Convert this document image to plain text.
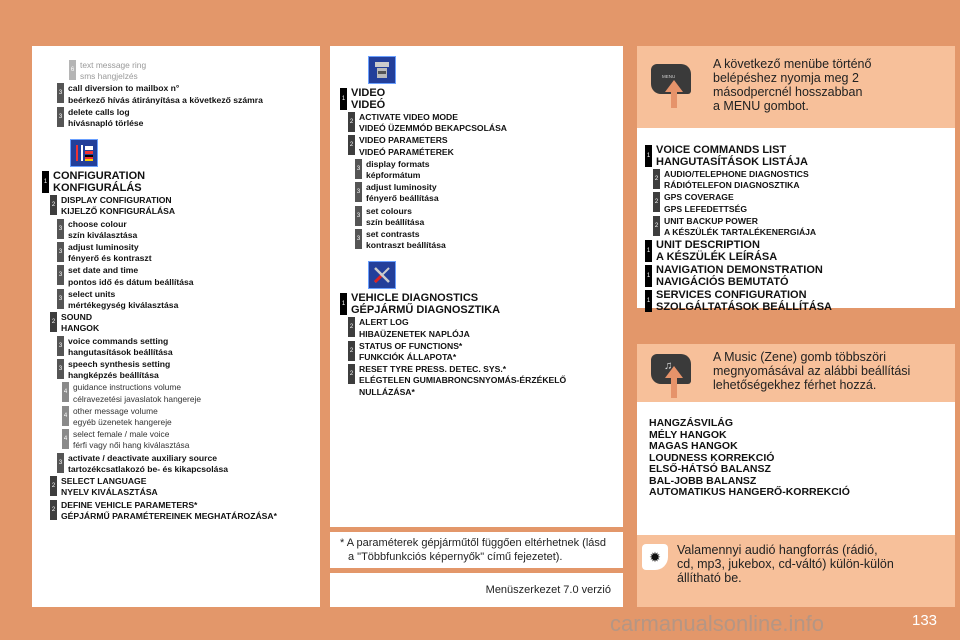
6 text message ring
sms hangjelzés
3 call diversion to mailbox n°
beérkező hívás átirányítása a következő számra
3 delete calls log
hívásnapló törlése
1 CONFIGURATION
KONFIGURÁLÁS
2 DISPLAY CONFIGURATION
KIJELZŐ KONFIGURÁLÁSA
3 choose colour
szín kiválasztása
3 adjust luminosity
fényerő és kontraszt
3 set date and time
pontos idő és dátum beállítása
3 select units
mértékegység kiválasztása
2 SOUND
HANGOK
3 voice commands setting
hangutasítások beállítása
3 speech synthesis setting
hangképzés beállítása
4 guidance instructions volume
célravezetési javaslatok hangereje
4 other message volume
egyéb üzenetek hangereje
4 select female / male voice
férfi vagy női hang kiválasztása
3 activate / deactivate auxiliary source
tartozékcsatlakozó be- és kikapcsolása
2 SELECT LANGUAGE
NYELV KIVÁLASZTÁSA
2 DEFINE VEHICLE PARAMETERS*
GÉPJÁRMŰ PARAMÉTEREINEK MEGHATÁROZÁSA*
1 VIDEO
VIDEÓ
2 ACTIVATE VIDEO MODE
VIDEÓ ÜZEMMÓD BEKAPCSOLÁSA
2 VIDEO PARAMETERS
VIDEÓ PARAMÉTEREK
3 display formats
képformátum
3 adjust luminosity
fényerő beállítása
3 set colours
szín beállítása
3 set contrasts
kontraszt beállítása
1 VEHICLE DIAGNOSTICS
GÉPJÁRMŰ DIAGNOSZTIKA
2 ALERT LOG
HIBAÜZENETEK NAPLÓJA
2 STATUS OF FUNCTIONS*
FUNKCIÓK ÁLLAPOTA*
2 RESET TYRE PRESS. DETEC. SYS.*
ELÉGTELEN GUMIABRONCSNYOMÁS-ÉRZÉKELŐ
NULLÁZÁSA*
* A paraméterek gépjárműtől függően eltérhetnek (lásd
a "Többfunkciós képernyők" című fejezetet).
Menüszerkezet 7.0 verzió
MENU
A következő menübe történő
belépéshez nyomja meg 2
másodpercnél hosszabban
a MENU gombot.
1 VOICE COMMANDS LIST
HANGUTASÍTÁSOK LISTÁJA
2 AUDIO/TELEPHONE DIAGNOSTICS
RÁDIÓTELEFON DIAGNOSZTIKA
2 GPS COVERAGE
GPS LEFEDETTSÉG
2 UNIT BACKUP POWER
A KÉSZÜLÉK TARTALÉKENERGIÁJA
1 UNIT DESCRIPTION
A KÉSZÜLÉK LEÍRÁSA
1 NAVIGATION DEMONSTRATION
NAVIGÁCIÓS BEMUTATÓ
1 SERVICES CONFIGURATION
SZOLGÁLTATÁSOK BEÁLLÍTÁSA
♫
A Music (Zene) gomb többszöri
megnyomásával az alábbi beállítási
lehetőségekhez férhet hozzá.
HANGZÁSVILÁG
MÉLY HANGOK
MAGAS HANGOK
LOUDNESS KORREKCIÓ
ELSŐ-HÁTSÓ BALANSZ
BAL-JOBB BALANSZ
AUTOMATIKUS HANGERŐ-KORREKCIÓ
✹	Valamennyi audió hangforrás (rádió,
cd, mp3, jukebox, cd-váltó) külön-külön
állítható be.
carmanualsonline.info	133
